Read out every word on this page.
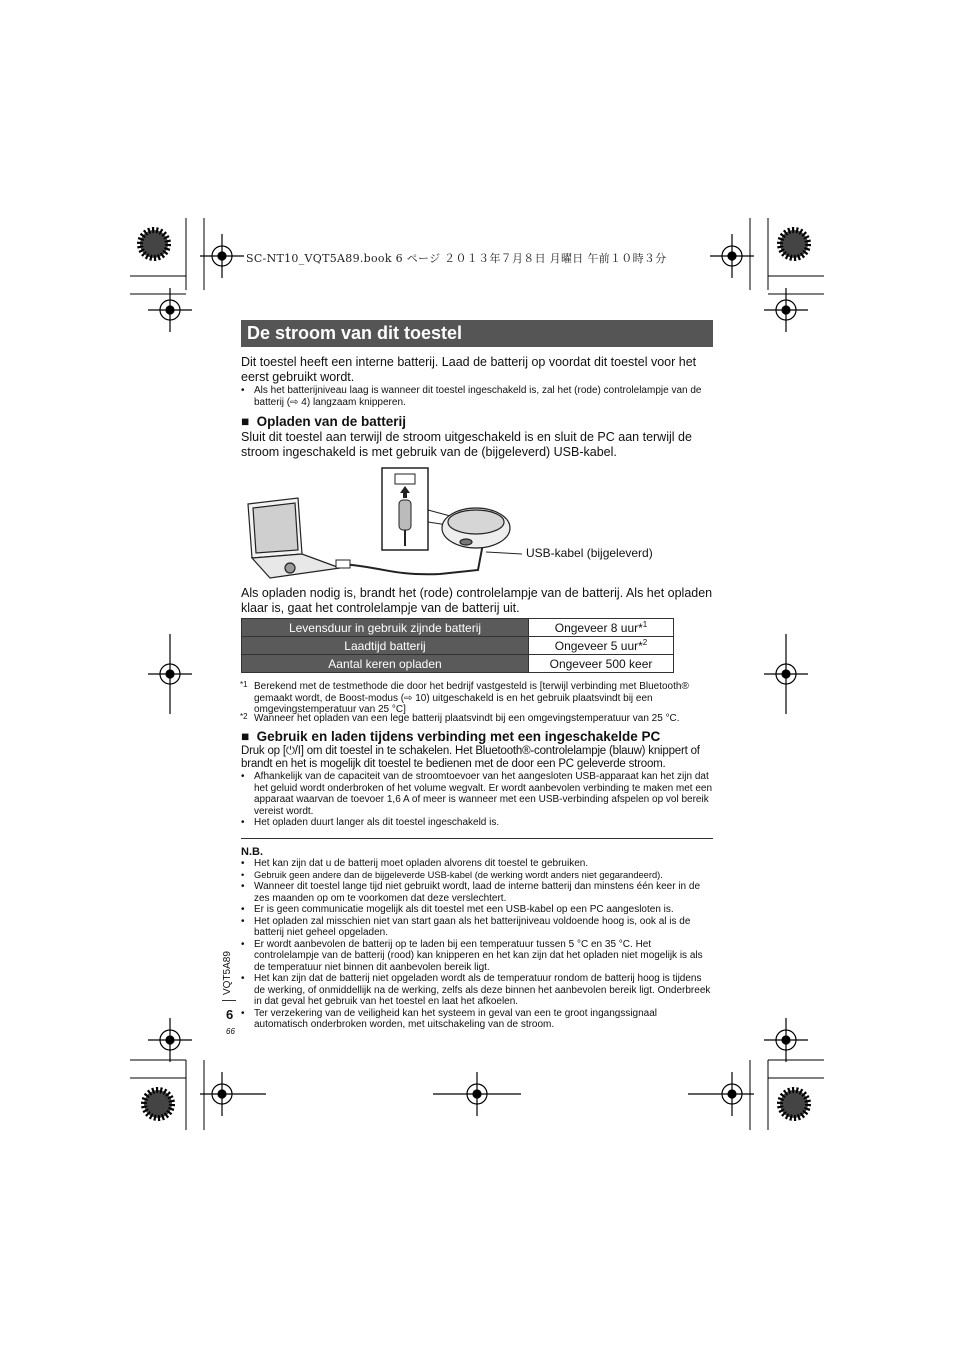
SC-NT10_VQT5A89.book 6 ページ ２０１３年７月８日 月曜日 午前１０時３分
De stroom van dit toestel
Dit toestel heeft een interne batterij. Laad de batterij op voordat dit toestel voor het eerst gebruikt wordt.
• Als het batterijniveau laag is wanneer dit toestel ingeschakeld is, zal het (rode) controlelampje van de batterij (⇨ 4) langzaam knipperen.
■ Opladen van de batterij
Sluit dit toestel aan terwijl de stroom uitgeschakeld is en sluit de PC aan terwijl de stroom ingeschakeld is met gebruik van de (bijgeleverd) USB-kabel.
USB-kabel (bijgeleverd)
Als opladen nodig is, brandt het (rode) controlelampje van de batterij. Als het opladen klaar is, gaat het controlelampje van de batterij uit.
Levensduur in gebruik zijnde batterij	Ongeveer 8 uur*$^1$
Laadtijd batterij	Ongeveer 5 uur*$^2$
Aantal keren opladen	Ongeveer 500 keer
*1 Berekend met de testmethode die door het bedrijf vastgesteld is [terwijl verbinding met Bluetooth® gemaakt wordt, de Boost-modus (⇨ 10) uitgeschakeld is en het gebruik plaatsvindt bij een omgevingstemperatuur van 25 °C]
*2 Wanneer het opladen van een lege batterij plaatsvindt bij een omgevingstemperatuur van 25 °C.
■ Gebruik en laden tijdens verbinding met een ingeschakelde PC
Druk op [⏻/I] om dit toestel in te schakelen. Het Bluetooth®-controlelampje (blauw) knippert of brandt en het is mogelijk dit toestel te bedienen met de door een PC geleverde stroom.
• Afhankelijk van de capaciteit van de stroomtoevoer van het aangesloten USB-apparaat kan het zijn dat het geluid wordt onderbroken of het volume wegvalt. Er wordt aanbevolen verbinding te maken met een apparaat waarvan de toevoer 1,6 A of meer is wanneer met een USB-verbinding afspelen op vol bereik vereist wordt.
• Het opladen duurt langer als dit toestel ingeschakeld is.
N.B.
• Het kan zijn dat u de batterij moet opladen alvorens dit toestel te gebruiken.
• Gebruik geen andere dan de bijgeleverde USB-kabel (de werking wordt anders niet gegarandeerd).
• Wanneer dit toestel lange tijd niet gebruikt wordt, laad de interne batterij dan minstens één keer in de zes maanden op om te voorkomen dat deze verslechtert.
• Er is geen communicatie mogelijk als dit toestel met een USB-kabel op een PC aangesloten is.
• Het opladen zal misschien niet van start gaan als het batterijniveau voldoende hoog is, ook al is de batterij niet geheel opgeladen.
• Er wordt aanbevolen de batterij op te laden bij een temperatuur tussen 5 °C en 35 °C. Het controlelampje van de batterij (rood) kan knipperen en het kan zijn dat het opladen niet mogelijk is als de temperatuur niet binnen dit aanbevolen bereik ligt.
• Het kan zijn dat de batterij niet opgeladen wordt als de temperatuur rondom de batterij hoog is tijdens de werking, of onmiddellijk na de werking, zelfs als deze binnen het aanbevolen bereik ligt. Onderbreek in dat geval het gebruik van het toestel en laat het afkoelen.
• Ter verzekering van de veiligheid kan het systeem in geval van een te groot ingangssignaal automatisch onderbroken worden, met uitschakeling van de stroom.
VQT5A89
6
66
